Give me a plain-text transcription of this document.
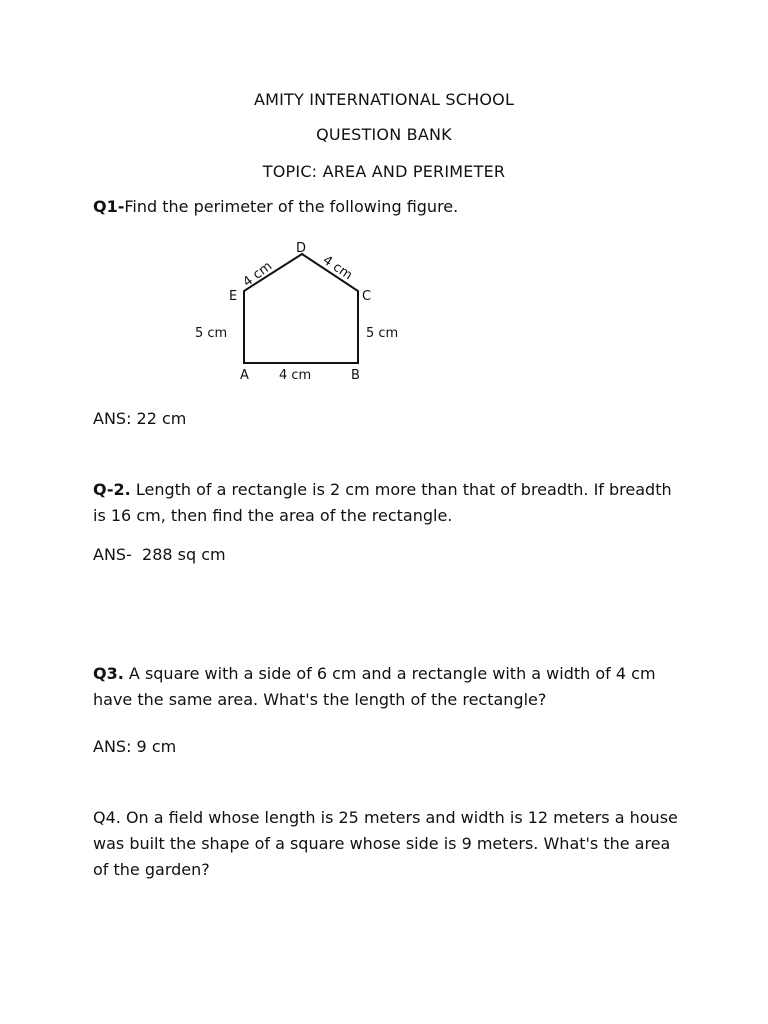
AMITY INTERNATIONAL SCHOOL
QUESTION BANK
TOPIC: AREA AND PERIMETER
Q1-Find the perimeter of the following figure.
A	B
C
D
E
4 cm	4 cm
5 cm	5 cm
4 cm
ANS: 22 cm
Q-2. Length of a rectangle is 2 cm more than that of breadth. If breadth is 16 cm, then find the area of the rectangle.
ANS-  288 sq cm
Q3. A square with a side of 6 cm and a rectangle with a width of 4 cm have the same area. What's the length of the rectangle?
ANS: 9 cm
Q4. On a field whose length is 25 meters and width is 12 meters a house was built the shape of a square whose side is 9 meters. What's the area of the garden?
